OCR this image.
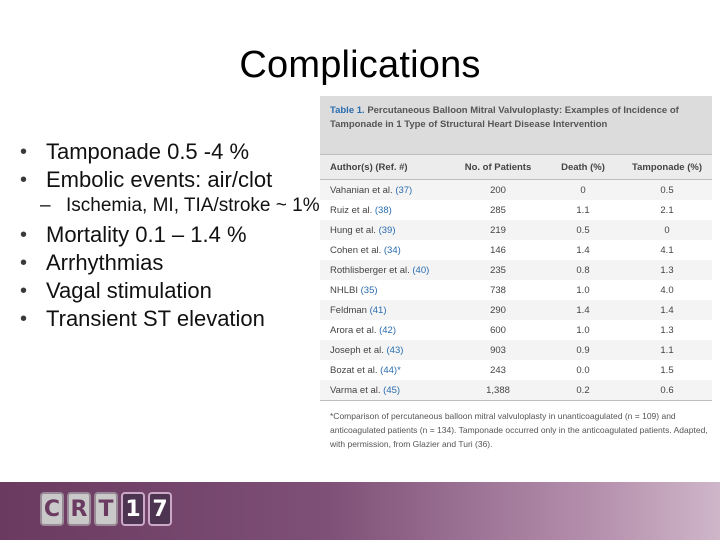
Complications
• Tamponade 0.5 -4 %
• Embolic events: air/clot
– Ischemia, MI, TIA/stroke ~ 1%
• Mortality 0.1 – 1.4 %
• Arrhythmias
• Vagal stimulation
• Transient ST elevation
Table 1. Percutaneous Balloon Mitral Valvuloplasty: Examples of Incidence of Tamponade in 1 Type of Structural Heart Disease Intervention
Author(s) (Ref. #)	No. of Patients	Death (%)	Tamponade (%)
Vahanian et al. (37)	200	0	0.5
Ruiz et al. (38)	285	1.1	2.1
Hung et al. (39)	219	0.5	0
Cohen et al. (34)	146	1.4	4.1
Rothlisberger et al. (40)	235	0.8	1.3
NHLBI (35)	738	1.0	4.0
Feldman (41)	290	1.4	1.4
Arora et al. (42)	600	1.0	1.3
Joseph et al. (43)	903	0.9	1.1
Bozat et al. (44)*	243	0.0	1.5
Varma et al. (45)	1,388	0.2	0.6
*Comparison of percutaneous balloon mitral valvuloplasty in unanticoagulated (n = 109) and anticoagulated patients (n = 134). Tamponade occurred only in the anticoagulated patients. Adapted, with permission, from Glazier and Turi (36).
C R T 1 7
